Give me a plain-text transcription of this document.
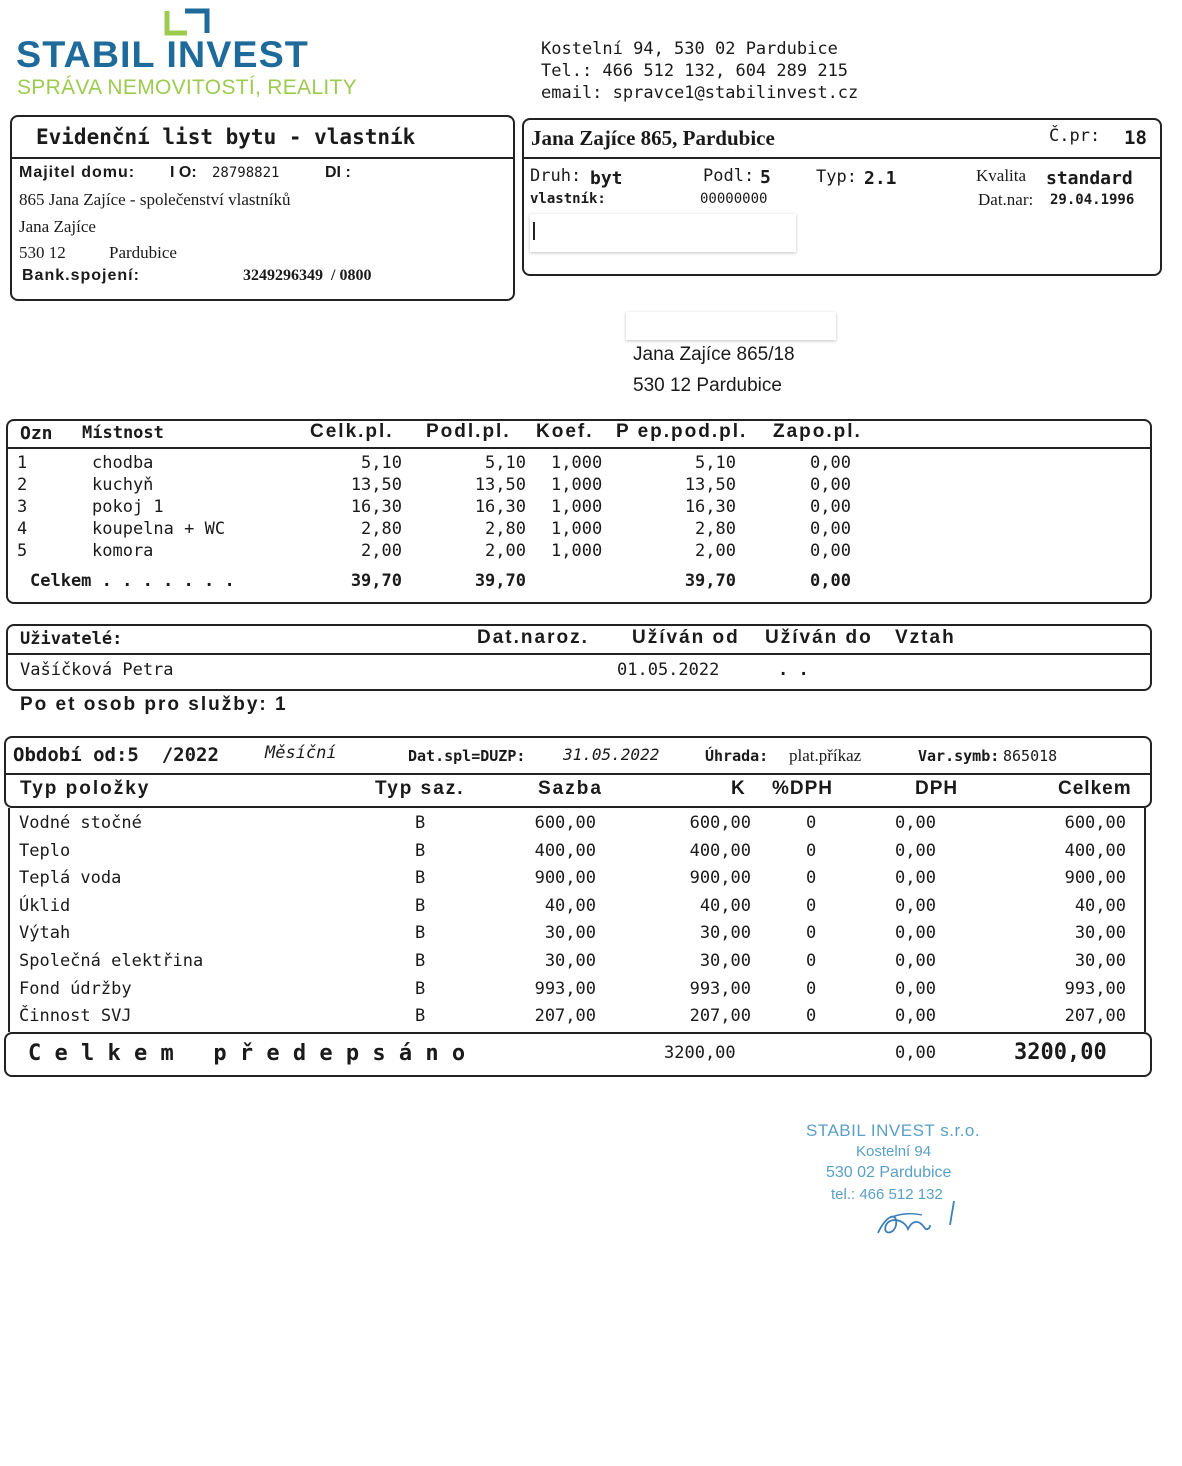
STABIL INVEST
SPRÁVA NEMOVITOSTÍ, REALITY
Kostelní 94, 530 02 Pardubice
Tel.: 466 512 132, 604 289 215
email: spravce1@stabilinvest.cz
Evidenční list bytu - vlastník
Majitel domu: I O: 28798821	DI :
865 Jana Zajíce - společenství vlastníků
Jana Zajíce
530 12	Pardubice
Bank.spojení:	3249296349  / 0800
Jana Zajíce 865, Pardubice	Č.pr: 18
Druh: byt	Podl: 5	Typ: 2.1	Kvalita standard
vlastník:	00000000	Dat.nar: 29.04.1996
Jana Zajíce 865/18
530 12 Pardubice
Ozn Místnost	Celk.pl. Podl.pl. Koef. P ep.pod.pl. Zapo.pl.
1	chodba	5,10	5,10 1,000	5,10	0,00
2	kuchyň	13,50	13,50 1,000	13,50	0,00
3	pokoj 1	16,30	16,30 1,000	16,30	0,00
4	koupelna + WC	2,80	2,80 1,000	2,80	0,00
5	komora	2,00	2,00 1,000	2,00	0,00
Celkem . . . . . . .	39,70	39,70	39,70	0,00
Uživatelé:	Dat.naroz. Užíván od Užíván do Vztah
Vašíčková Petra	01.05.2022	. .
Po et osob pro služby: 1
Období od:5  /2022	Měsíční	Dat.spl=DUZP: 31.05.2022	Úhrada: plat.příkaz	Var.symb: 865018
Typ položky	Typ saz.	Sazba	K %DPH	DPH	Celkem
Vodné stočné	B	600,00	600,00	0	0,00	600,00
Teplo	B	400,00	400,00	0	0,00	400,00
Teplá voda	B	900,00	900,00	0	0,00	900,00
Úklid	B	40,00	40,00	0	0,00	40,00
Výtah	B	30,00	30,00	0	0,00	30,00
Společná elektřina	B	30,00	30,00	0	0,00	30,00
Fond údržby	B	993,00	993,00	0	0,00	993,00
Činnost SVJ	B	207,00	207,00	0	0,00	207,00
C e l k e m   p ř e d e p s á n o	3200,00	0,00	3200,00
STABIL INVEST s.r.o.
Kostelní 94
530 02 Pardubice
tel.: 466 512 132
